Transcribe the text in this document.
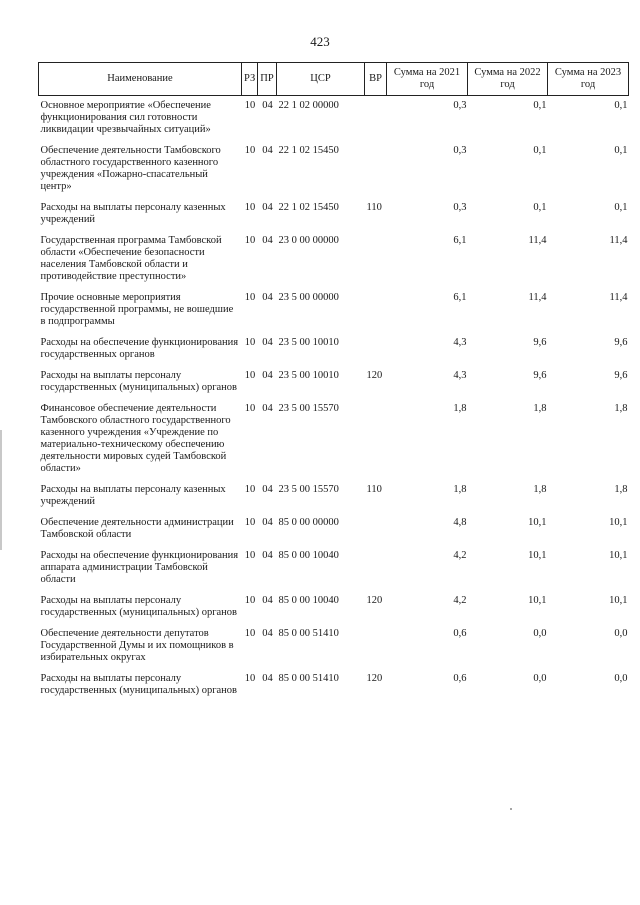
423
Наименование	РЗ	ПР	ЦСР	ВР	Сумма на 2021 год	Сумма на 2022 год	Сумма на 2023 год
Основное мероприятие «Обеспечение функционирования сил готовности ликвидации чрезвычайных ситуаций»	10	04	22 1 02 00000		0,3	0,1	0,1
Обеспечение деятельности Тамбовского областного государственного казенного учреждения «Пожарно-спасательный центр»	10	04	22 1 02 15450		0,3	0,1	0,1
Расходы на выплаты персоналу казенных учреждений	10	04	22 1 02 15450	110	0,3	0,1	0,1
Государственная программа Тамбовской области «Обеспечение безопасности населения Тамбовской области и противодействие преступности»	10	04	23 0 00 00000		6,1	11,4	11,4
Прочие основные мероприятия государственной программы, не вошедшие в подпрограммы	10	04	23 5 00 00000		6,1	11,4	11,4
Расходы на обеспечение функционирования государственных органов	10	04	23 5 00 10010		4,3	9,6	9,6
Расходы на выплаты персоналу государственных (муниципальных) органов	10	04	23 5 00 10010	120	4,3	9,6	9,6
Финансовое обеспечение деятельности Тамбовского областного государственного казенного учреждения «Учреждение по материально-техническому обеспечению деятельности мировых судей Тамбовской области»	10	04	23 5 00 15570		1,8	1,8	1,8
Расходы на выплаты персоналу казенных учреждений	10	04	23 5 00 15570	110	1,8	1,8	1,8
Обеспечение деятельности администрации Тамбовской области	10	04	85 0 00 00000		4,8	10,1	10,1
Расходы на обеспечение функционирования аппарата администрации Тамбовской области	10	04	85 0 00 10040		4,2	10,1	10,1
Расходы на выплаты персоналу государственных (муниципальных) органов	10	04	85 0 00 10040	120	4,2	10,1	10,1
Обеспечение деятельности депутатов Государственной Думы и их помощников в избирательных округах	10	04	85 0 00 51410		0,6	0,0	0,0
Расходы на выплаты персоналу государственных (муниципальных) органов	10	04	85 0 00 51410	120	0,6	0,0	0,0
